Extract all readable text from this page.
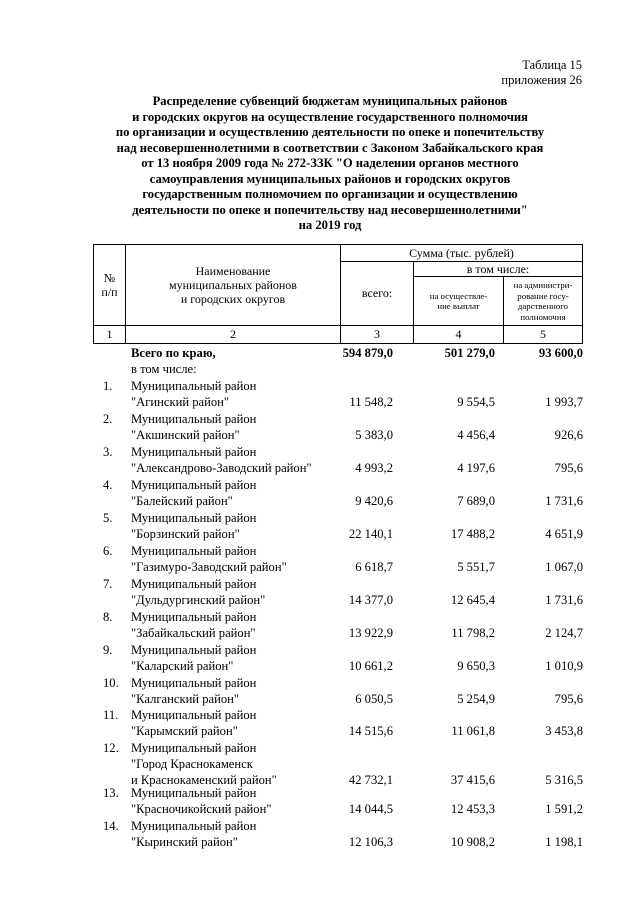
Таблица 15
приложения 26
Распределение субвенций бюджетам муниципальных районов
и городских округов на осуществление государственного полномочия
по организации и осуществлению деятельности по опеке и попечительству
над несовершеннолетними в соответствии с Законом Забайкальского края
от 13 ноября 2009 года № 272-ЗЗК "О наделении органов местного
самоуправления муниципальных районов и городских округов
государственным полномочием по организации и осуществлению
деятельности по опеке и попечительству над несовершеннолетними"
на 2019 год
№
п/п
Наименование
муниципальных районов
и городских округов
Сумма (тыс. рублей)
в том числе:
всего:	на осуществле-
ние выплат
на администри-
рование госу-
дарственного
полномочия
1	2	3	4	5
Всего по краю,	594 879,0	501 279,0	93 600,0
в том числе:
1. Муниципальный район
"Агинский район"	11 548,2	9 554,5	1 993,7
2. Муниципальный район
"Акшинский район"	5 383,0	4 456,4	926,6
3. Муниципальный район
"Александрово-Заводский район"	4 993,2	4 197,6	795,6
4. Муниципальный район
"Балейский район"	9 420,6	7 689,0	1 731,6
5. Муниципальный район
"Борзинский район"	22 140,1	17 488,2	4 651,9
6. Муниципальный район
"Газимуро-Заводский район"	6 618,7	5 551,7	1 067,0
7. Муниципальный район
"Дульдургинский район"	14 377,0	12 645,4	1 731,6
8. Муниципальный район
"Забайкальский район"	13 922,9	11 798,2	2 124,7
9. Муниципальный район
"Каларский район"	10 661,2	9 650,3	1 010,9
10. Муниципальный район
"Калганский район"	6 050,5	5 254,9	795,6
11. Муниципальный район
"Карымский район"	14 515,6	11 061,8	3 453,8
12. Муниципальный район
"Город Краснокаменск
и Краснокаменский район"	42 732,1	37 415,6	5 316,5
13. Муниципальный район
"Красночикойский район"	14 044,5	12 453,3	1 591,2
14. Муниципальный район
"Кыринский район"	12 106,3	10 908,2	1 198,1
